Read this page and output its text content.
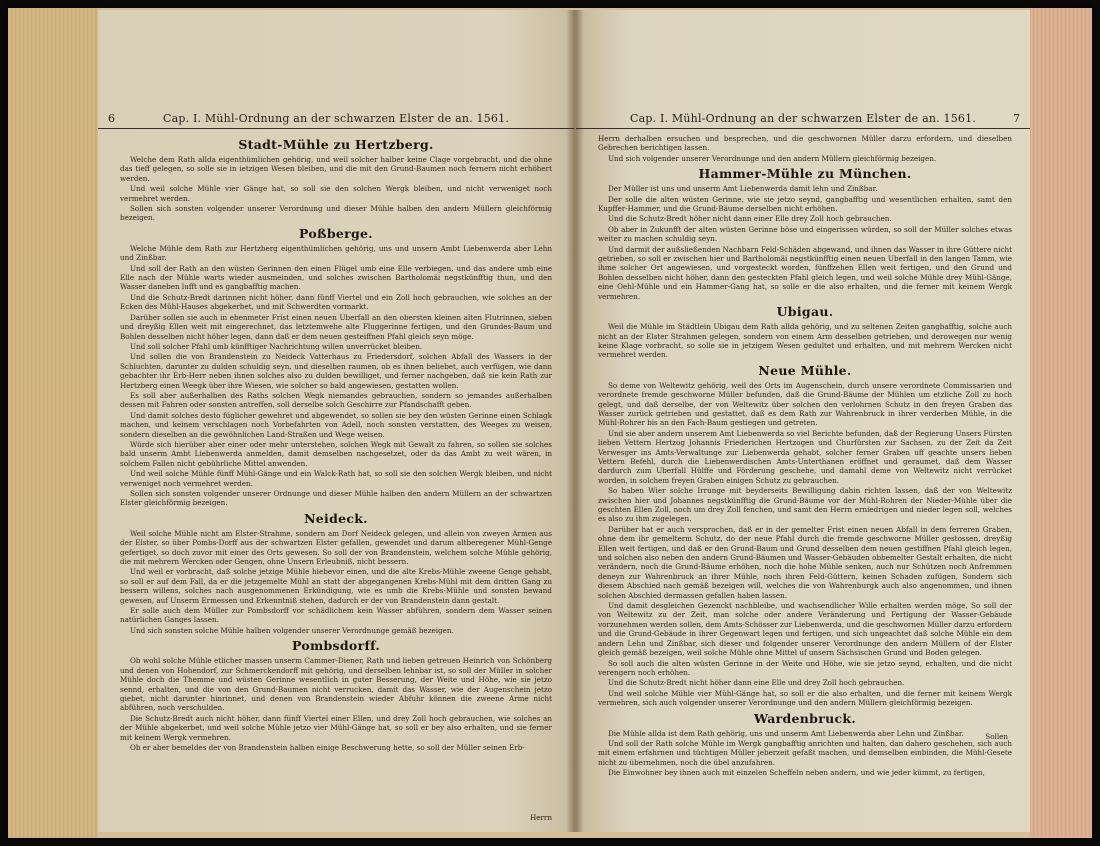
6	Cap. I. Mühl-Ordnung an der schwarzen Elster de an. 1561.
Stadt-Mühle zu Hertzberg.

Welche dem Rath allda eigenthümlichen gehörig, und weil solcher halber keine Clage vorgebracht, und die ohne das tieff gelegen, so solle sie in ietzigen Wesen bleiben, und die mit den Grund-Baumen noch fernern nicht erhöhert werden.

Und weil solche Mühle vier Gänge hat, so soll sie den solchen Wergk bleiben, und nicht verweniget noch vermehret werden.

Sollen sich sonsten volgender unserer Verordnung und dieser Mühle halben den andern Müllern gleichförmig bezeigen.

Poßberge.

Welche Mühle dem Rath zur Hertzberg eigenthümlichen gehörig, uns und unsern Ambt Liebenwerda aber Lehn und Zinßbar.

Und soll der Rath an den wüsten Gerinnen den einen Flügel umb eine Elle verbiegen, und das andere umb eine Elle nach der Mühle warts wieder ausmeinden, und solches zwischen Bartholomäi negstkünfftig thun, und den Wasser daneben lufft und es gangbafftig machen.

Und die Schutz-Bredt darinnen nicht höher, dann fünff Viertel und ein Zoll hoch gebrauchen, wie solches an der Ecken des Mühl-Hauses abgekerbet, und mit Schwerdten vormarkt.

Darüber sollen sie auch in ebenmeter Frist einen neuen Uberfall an den obersten kleinen alten Flutrinnen, sieben und dreyßig Ellen weit mit eingerechnet, das letztemwehe alte Fluggerinne fertigen, und den Grundes-Baum und Bohlen desselben nicht höher legen, dann daß er dem neuen gesteiffnen Pfahl gleich seyn möge.

Und soll solcher Pfahl umb künfftiger Nachrichtung willen unverrücket bleiben.

Und sollen die von Brandenstein zu Neideck Vatterhaus zu Friedersdorf, solchen Abfall des Wassers in der Schluchten, darunter zu dulden schuldig seyn, und dieselben raumen, ob es ihnen beliebet, auch verfügen, wie dann gebachter ihr Erb-Herr neben ihnen solches also zu dulden bewilliget, und ferner nachgeben, daß sie kein Rath zur Hertzberg einen Weegk über ihre Wiesen, wie solcher so bald angewiesen, gestatten wollen.

Es soll aber außerhalben des Raths solchen Wegk niemandes gebrauchen, sondern so jemandes außerhalben dessen mit Fahren oder sonsten antreffen, soll derselbe solch Geschirre zur Pfandschafft geben.

Und damit solches desto füglicher gewehret und abgewendet, so sollen sie bey den wüsten Gerinne einen Schlagk machen, und keinem verschlagen noch Vorbefahrten von Adell, noch sonsten verstatten, des Weeges zu weisen, sondern dieselben an die gewöhnlichen Land-Straßen und Wege weisen.

Würde sich hierüber aber einer oder mehr unterstehen, solchen Wegk mit Gewalt zu fahren, so sollen sie solches bald unserm Ambt Liebenwerda anmelden, damit demselben nachgesetzet, oder da das Ambt zu weit wären, in solchem Fallen nicht gebührliche Mittel anwenden.

Und weil solche Mühle fünff Mühl-Gänge und ein Walck-Rath hat, so soll sie den solchen Wergk bleiben, und nicht verweniget noch vermehret werden.

Sollen sich sonsten volgender unserer Ordnunge und dieser Mühle halben den andern Müllern an der schwartzen Elster gleichförmig bezeigen.

Neideck.

Weil solche Mühle nicht am Elster-Strahme, sondern am Dorf Neideck gelegen, und allein von zweyen Armen aus der Elster, so über Pombs-Dorff aus der schwartzen Elster gefallen, gewendet und darum altberegener Mühl-Genge gefertiget, so doch zuvor mit einer des Orts gewesen. So soll der von Brandenstein, welchem solche Mühle gehörig, die mit mehrern Wercken oder Gengen, ohne Unsern Erleubniß, nicht bessern.

Und weil er vorbracht, daß solche jetzige Mühle hiebevor einen, und die alte Krebs-Mühle zweene Genge gehabt, so soll er auf dem Fall, da er die jetzgemelte Mühl an statt der abgegangenen Krebs-Mühl mit dem dritten Gang zu bessern willens, solches nach ausgenommenen Erkündigung, wie es umb die Krebs-Mühle und sonsten bewand gewesen, auf Unserm Ermessen und Erkenntniß stehen, dadurch er der von Brandenstein dann gestalt.

Er solle auch dem Müller zur Pombsdorff vor schädlichem kein Wasser abführen, sondern dem Wasser seinen natürlichen Ganges lassen.

Und sich sonsten solche Mühle halben volgender unserer Verordnunge gemäß bezeigen.

Pombsdorff.

Ob wohl solche Mühle etlicher massen unserm Cammer-Diener, Rath und lieben getreuen Heinrich von Schönberg und denen von Hohendorf, zur Schmerckendorff mit gehörig, und derselben lehnbar ist, so soll der Müller in solcher Mühle doch die Themme und wüsten Gerinne wesentlich in guter Besserung, der Weite und Höhe, wie sie jetzo sennd, erhalten, und die von den Grund-Baumen nicht verrucken, damit das Wasser, wie der Augenschein jetzo giebet, nicht darunter hinrinnet, und denen von Brandenstein wieder Abfuhr können die zweene Arme nicht abführen, noch verschulden.

Die Schutz-Bredt auch nicht höher, dann fünff Viertel einer Ellen, und drey Zoll hoch gebrauchen, wie solches an der Mühle abgekerbet, und weil solche Mühle jetzo vier Mühl-Gänge hat, so soll er bey also erhalten, und sie ferner mit keinem Wergk vermehren.

Ob er aber bemeldes der von Brandenstein halben einige Beschwerung hette, so soll der Müller seinen Erb-

Herrn
Cap. I. Mühl-Ordnung an der schwarzen Elster de an. 1561.	7

Herrn derhalben ersuchen und besprechen, und die geschwornen Müller darzu erfordern, und dieselben Gebrechen berichtigen lassen.

Und sich volgender unserer Verordnunge und den andern Müllern gleichförmig bezeigen.

Hammer-Mühle zu München.

Der Müller ist uns und unserm Amt Liebenwerda damit lehn und Zinßbar.

Der solle die alten wüsten Gerinne, wie sie jetzo seynd, gangbafftig und wesentlichen erhalten, samt den Kupffer-Hammer, und die Grund-Bäume derselben nicht erhöhen.

Und die Schutz-Bredt höher nicht dann einer Elle drey Zoll hoch gebrauchen.

Ob aber in Zukunfft der alten wüsten Gerinne böse und eingerissen würden, so soll der Müller solches etwas weiter zu machen schuldig seyn.

Und darmit der außsließenden Nachbarn Feld-Schäden abgewand, und ihnen das Wasser in ihre Güttere nicht getrieben, so soll er zwischen hier und Bartholomäi negstkünfftig einen neuen Uberfall in den langen Tamm, wie ihme solcher Ort angewiesen, und vorgesteckt worden, fünffzehen Ellen weit fertigen, und den Grund und Bohlen desselben nicht höher, dann den gesteckten Pfahl gleich legen, und weil solche Mühle drey Mühl-Gänge, eine Oehl-Mühle und ein Hammer-Gang hat, so solle er die also erhalten, und die ferner mit keinem Wergk vermehren.

Ubigau.

Weil die Mühle im Städtlein Ubigau dem Rath allda gehörig, und zu seltenen Zeiten gangbafftig, solche auch nicht an der Elster Strahmen gelegen, sondern von einem Arm desselben getrieben, und derowegen nur wenig keine Klage vorbracht, so solle sie in jetzigem Wesen gedultet und erhalten, und mit mehrern Wercken nicht vermehret werden.

Neue Mühle.

So deme von Weltewitz gehörig, weil des Orts im Augenschein, durch unsere verordnete Commissarien und verordnete fremde geschworne Müller befunden, daß die Grund-Bäume der Mühlen um etzliche Zoll zu hoch gelegt, und daß derselbe, der von Weltewitz über solchen den verlohrnen Schutz in den freyen Graben das Wasser zurück getrieben und gestattet, daß es dem Rath zur Wahrenbruck in ihrer verderben Mühle, in die Mühl-Rohrer bis an den Fach-Baum gestiegen und getreten.

Und sie aber andern unserem Amt Liebenwerda so viel Berichte befunden, daß der Regierung Unsers Fürsten lieben Vettern Hertzog Johannis Friederichen Hertzogen und Churfürsten zur Sachsen, zu der Zeit da Zeit Verwesger ins Amts-Verwaltunge zur Liebenwerda gehabt, solcher ferner Graben uff geachte unsers lieben Vettern Befehl, durch die Liebenwerdischen Amts-Unterthanen eröffnet und geraumet, daß dem Wasser dardurch zum Uberfall Hülffe und Förderung geschehe, und damahl deme von Weltewitz nicht verrücket worden, in solchem freyen Graben einigen Schutz zu gebrauchen.

So haben Wier solche Irrunge mit beyderseits Bewilligung dahin richten lassen, daß der von Weltewitz zwischen hier und Johannes negstkünfftig die Grund-Bäume vor der Mühl-Rohren der Nieder-Mühle über die geschten Ellen Zoll, noch um drey Zoll fenchen, und samt den Herrn erniedrigen und nieder legen soll, welches es also zu ihm zugelegen.

Darüber hat er auch versprochen, daß er in der gemelter Frist einen neuen Abfall in dem ferreren Graben, ohne dem ihr gemelterm Schutz, do der neue Pfahl durch die fremde geschworne Müller gestossen, dreyßig Ellen weit fertigen, und daß er den Grund-Baum und Grund desselben dem neuen gestiffnen Pfahl gleich legen, und solchen also neben den andern Grund-Bäumen und Wasser-Gebäuden obbemelter Gestalt erhalten, die nicht verändern, noch die Grund-Bäume erhöhen, noch die hohe Mühle senken, auch nur Schützen noch Anfremmen deneyn zur Wahrenbruck an ihrer Mühle, noch ihren Feld-Güttern, keinen Schaden zufügen, Sondern sich diesem Abschied nach gemäß bezeigen will, welches die von Wahrenburgk auch also angenommen, und ihnen solchen Abschied dermassen gefallen haben lassen.

Und damit desgleichen Gezenckt nachbleibe, und wachsendlicher Wille erhalten werden möge, So soll der von Weltewitz zu der Zeit, man solche oder andere Veränderung und Fertigung der Wasser-Gebäude vorzunehmen werden sollen, dem Amts-Schösser zur Liebenwerda, und die geschwornen Müller darzu erfordern und die Grund-Gebäude in ihrer Gegenwart legen und fertigen, und sich ungeachtet daß solche Mühle ein dem andern Lehn und Zinßbar, sich dieser und folgender unserer Verordnunge den andern Müllern of der Elster gleich gemäß bezeigen, weil solche Mühle ohne Mittel uf unsern Sächsischen Grund und Boden gelegen.

So soll auch die alten wüsten Gerinne in der Weite und Höhe, wie sie jetzo seynd, erhalten, und die nicht verengern noch erhöhen.

Und die Schutz-Bredt nicht höher dann eine Elle und drey Zoll hoch gebrauchen.

Und weil solche Mühle vier Mühl-Gänge hat, so soll er die also erhalten, und die ferner mit keinem Wergk vermehren, sich auch volgender unserer Verordnunge und den andern Müllern gleichförmig bezeigen.

Wardenbruck.

Die Mühle allda ist dem Rath gehörig, uns und unserm Amt Liebenwerda aber Lehn und Zinßbar.

Und soll der Rath solche Mühle im Wergk gangbafftig anrichten und halten, dan dahero geschehen, sich auch mit einem erfahrnen und tüchtigen Müller jeberzeit gefaßt machen, und demselben einbinden, die Mühl-Gesete nicht zu übernehmen, noch die übel anzufahren.

Die Einwohner bey ihnen auch mit einzelen Scheffeln neben andern, und wie jeder kümmt, zu fertigen,

Sollen
